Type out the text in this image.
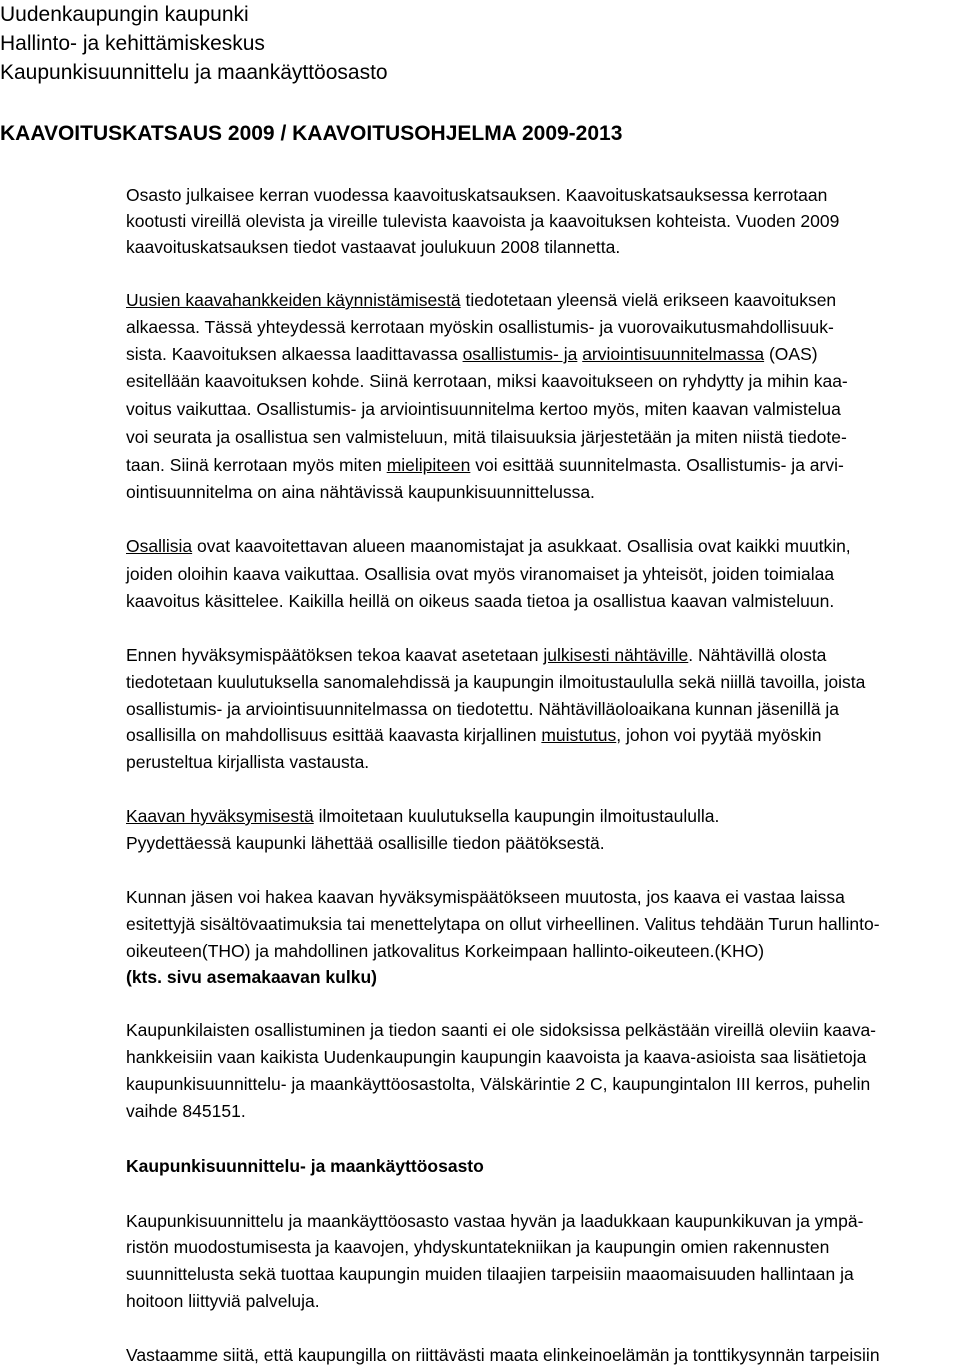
Uudenkaupungin kaupunki
Hallinto- ja kehittämiskeskus
Kaupunkisuunnittelu ja maankäyttöosasto
KAAVOITUSKATSAUS 2009 / KAAVOITUSOHJELMA 2009-2013
Osasto julkaisee kerran vuodessa kaavoituskatsauksen. Kaavoituskatsauksessa kerrotaan
kootusti vireillä olevista ja vireille tulevista kaavoista ja kaavoituksen kohteista. Vuoden 2009
kaavoituskatsauksen tiedot vastaavat joulukuun 2008 tilannetta.
Uusien kaavahankkeiden käynnistämisestä tiedotetaan yleensä vielä erikseen kaavoituksen
alkaessa. Tässä yhteydessä kerrotaan myöskin osallistumis- ja vuorovaikutusmahdollisuuk-
sista. Kaavoituksen alkaessa laadittavassa osallistumis- ja arviointisuunnitelmassa (OAS)
esitellään kaavoituksen kohde. Siinä kerrotaan, miksi kaavoitukseen on ryhdytty ja mihin kaa-
voitus vaikuttaa. Osallistumis- ja arviointisuunnitelma kertoo myös, miten kaavan valmistelua
voi seurata ja osallistua sen valmisteluun, mitä tilaisuuksia järjestetään ja miten niistä tiedote-
taan. Siinä kerrotaan myös miten mielipiteen voi esittää suunnitelmasta. Osallistumis- ja arvi-
ointisuunnitelma on aina nähtävissä kaupunkisuunnittelussa.
Osallisia ovat kaavoitettavan alueen maanomistajat ja asukkaat. Osallisia ovat kaikki muutkin,
joiden oloihin kaava vaikuttaa. Osallisia ovat myös viranomaiset ja yhteisöt, joiden toimialaa
kaavoitus käsittelee. Kaikilla heillä on oikeus saada tietoa ja osallistua kaavan valmisteluun.
Ennen hyväksymispäätöksen tekoa kaavat asetetaan julkisesti nähtäville. Nähtävillä olosta
tiedotetaan kuulutuksella sanomalehdissä ja kaupungin ilmoitustaululla sekä niillä tavoilla, joista
osallistumis- ja arviointisuunnitelmassa on tiedotettu. Nähtävilläoloaikana kunnan jäsenillä ja
osallisilla on mahdollisuus esittää kaavasta kirjallinen muistutus, johon voi pyytää myöskin
perusteltua kirjallista vastausta.
Kaavan hyväksymisestä ilmoitetaan kuulutuksella kaupungin ilmoitustaululla.
Pyydettäessä kaupunki lähettää osallisille tiedon päätöksestä.
Kunnan jäsen voi hakea kaavan hyväksymispäätökseen muutosta, jos kaava ei vastaa laissa
esitettyjä sisältövaatimuksia tai menettelytapa on ollut virheellinen. Valitus tehdään Turun hallinto-
oikeuteen(THO) ja mahdollinen jatkovalitus Korkeimpaan hallinto-oikeuteen.(KHO)
(kts. sivu asemakaavan kulku)
Kaupunkilaisten osallistuminen ja tiedon saanti ei ole sidoksissa pelkästään vireillä oleviin kaava-
hankkeisiin vaan kaikista Uudenkaupungin kaupungin kaavoista ja kaava-asioista saa lisätietoja
kaupunkisuunnittelu- ja maankäyttöosastolta, Välskärintie 2 C, kaupungintalon III kerros, puhelin
vaihde 845151.
Kaupunkisuunnittelu- ja maankäyttöosasto
Kaupunkisuunnittelu ja maankäyttöosasto vastaa hyvän ja laadukkaan kaupunkikuvan ja ympä-
ristön muodostumisesta ja kaavojen, yhdyskuntatekniikan ja kaupungin omien rakennusten
suunnittelusta sekä tuottaa kaupungin muiden tilaajien tarpeisiin maaomaisuuden hallintaan ja
hoitoon liittyviä palveluja.
Vastaamme siitä, että kaupungilla on riittävästi maata elinkeinoelämän ja tonttikysynnän tarpeisiin
